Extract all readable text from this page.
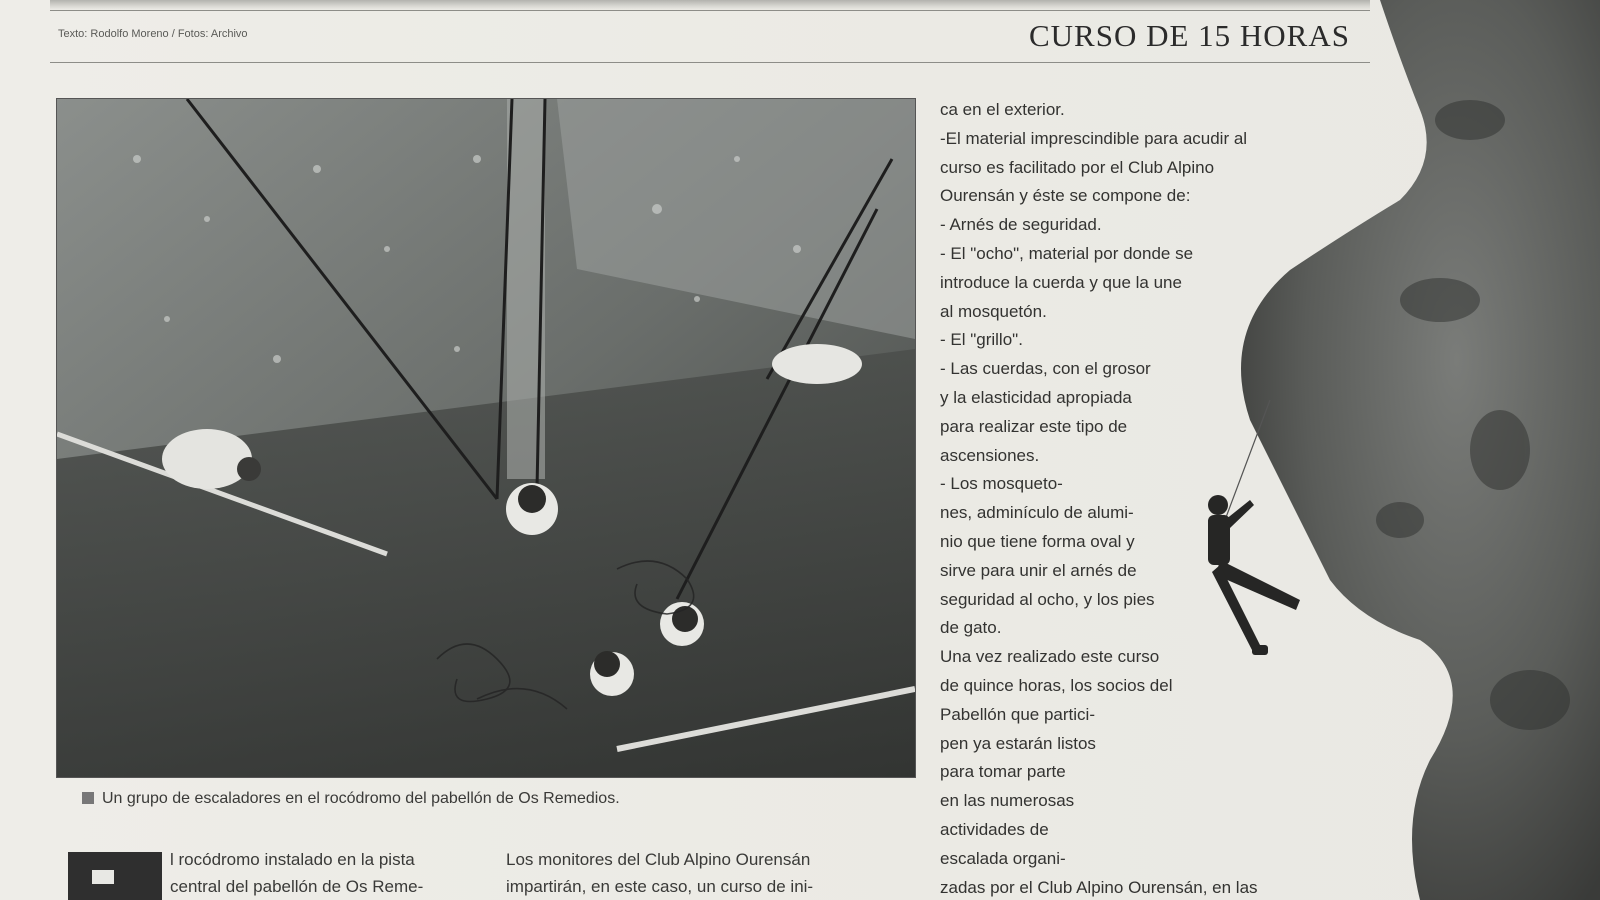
Texto: Rodolfo Moreno / Fotos: Archivo	CURSO DE 15 HORAS
Un grupo de escaladores en el rocódromo del pabellón de Os Remedios.
l rocódromo instalado en la pista
central del pabellón de Os Reme-
Los monitores del Club Alpino Ourensán
impartirán, en este caso, un curso de ini-
ca en el exterior.
-El material imprescindible para acudir al
curso es facilitado por el Club Alpino
Ourensán y éste se compone de:
- Arnés de seguridad.
- El "ocho", material por donde se
introduce la cuerda y que la une
al mosquetón.
- El "grillo".
- Las cuerdas, con el grosor
y la elasticidad apropiada
para realizar este tipo de
ascensiones.
- Los mosqueto-
nes, adminículo de alumi-
nio que tiene forma oval y
sirve para unir el arnés de
seguridad al ocho, y los pies
de gato.
Una vez realizado este curso
de quince horas, los socios del
Pabellón que partici-
pen ya estarán listos
para tomar parte
en las numerosas
actividades de
escalada organi-
zadas por el Club Alpino Ourensán, en las
